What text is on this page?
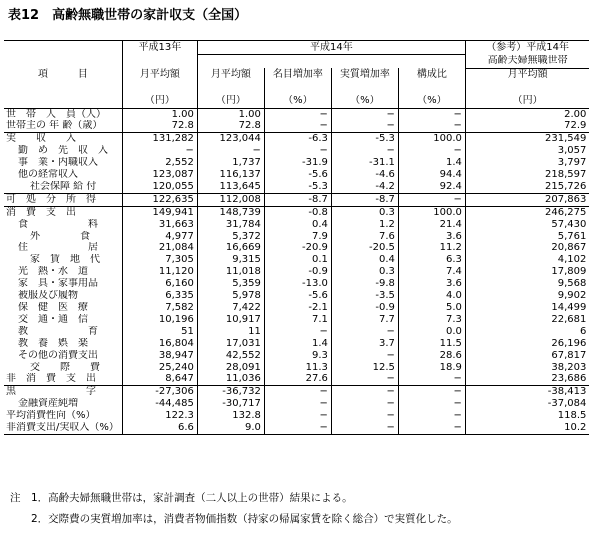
表12　高齢無職世帯の家計収支（全国）
	平成13年	平成14年				（参考）平成14年
						高齢夫婦無職世帯
項　　　目	月平均額	月平均額	名目増加率	実質増加率	構成比	月平均額

	（円）	（円）	（%）	（%）	（%）	（円）
世　帯　人　員（人）	1.00	1.00	−	−	−	2.00
世帯主の 年 齢（歳）	72.8	72.8	−	−	−	72.9
実　　収　　入	131,282	123,044	-6.3	-5.3	100.0	231,549
勤　め　先　収　入	−	−	−	−	−	3,057
事　業・内職収入	2,552	1,737	-31.9	-31.1	1.4	3,797
他の経常収入	123,087	116,137	-5.6	-4.6	94.4	218,597
社会保障 給 付	120,055	113,645	-5.3	-4.2	92.4	215,726
可　処　分　所　得	122,635	112,008	-8.7	-8.7	−	207,863
消　費　支　出	149,941	148,739	-0.8	0.3	100.0	246,275
食　　　　　　料	31,663	31,784	0.4	1.2	21.4	57,430
外　　　　食	4,977	5,372	7.9	7.6	3.6	5,761
住　　　　　　居	21,084	16,669	-20.9	-20.5	11.2	20,867
家　賃　地　代	7,305	9,315	0.1	0.4	6.3	4,102
光　熱・水　道	11,120	11,018	-0.9	0.3	7.4	17,809
家　具・家事用品	6,160	5,359	-13.0	-9.8	3.6	9,568
被服及び履物	6,335	5,978	-5.6	-3.5	4.0	9,902
保　健　医　療	7,582	7,422	-2.1	-0.9	5.0	14,499
交　通・通　信	10,196	10,917	7.1	7.7	7.3	22,681
教　　　　　　育	51	11	−	−	0.0	6
教　養　娯　楽	16,804	17,031	1.4	3.7	11.5	26,196
その他の消費支出	38,947	42,552	9.3	−	28.6	67,817
交　　際　　費	25,240	28,091	11.3	12.5	18.9	38,203
非　消　費　支　出	8,647	11,036	27.6	−	−	23,686
黒　　　　　　　字	-27,306	-36,732	−	−	−	-38,413
金融資産純増	-44,485	-30,717	−	−	−	-37,084
平均消費性向（%）	122.3	132.8	−	−	−	118.5
非消費支出/実収入（%）	6.6	9.0	−	−	−	10.2
注　1．高齢夫婦無職世帯は，家計調査（二人以上の世帯）結果による。
　　2．交際費の実質増加率は，消費者物価指数（持家の帰属家賃を除く総合）で実質化した。
